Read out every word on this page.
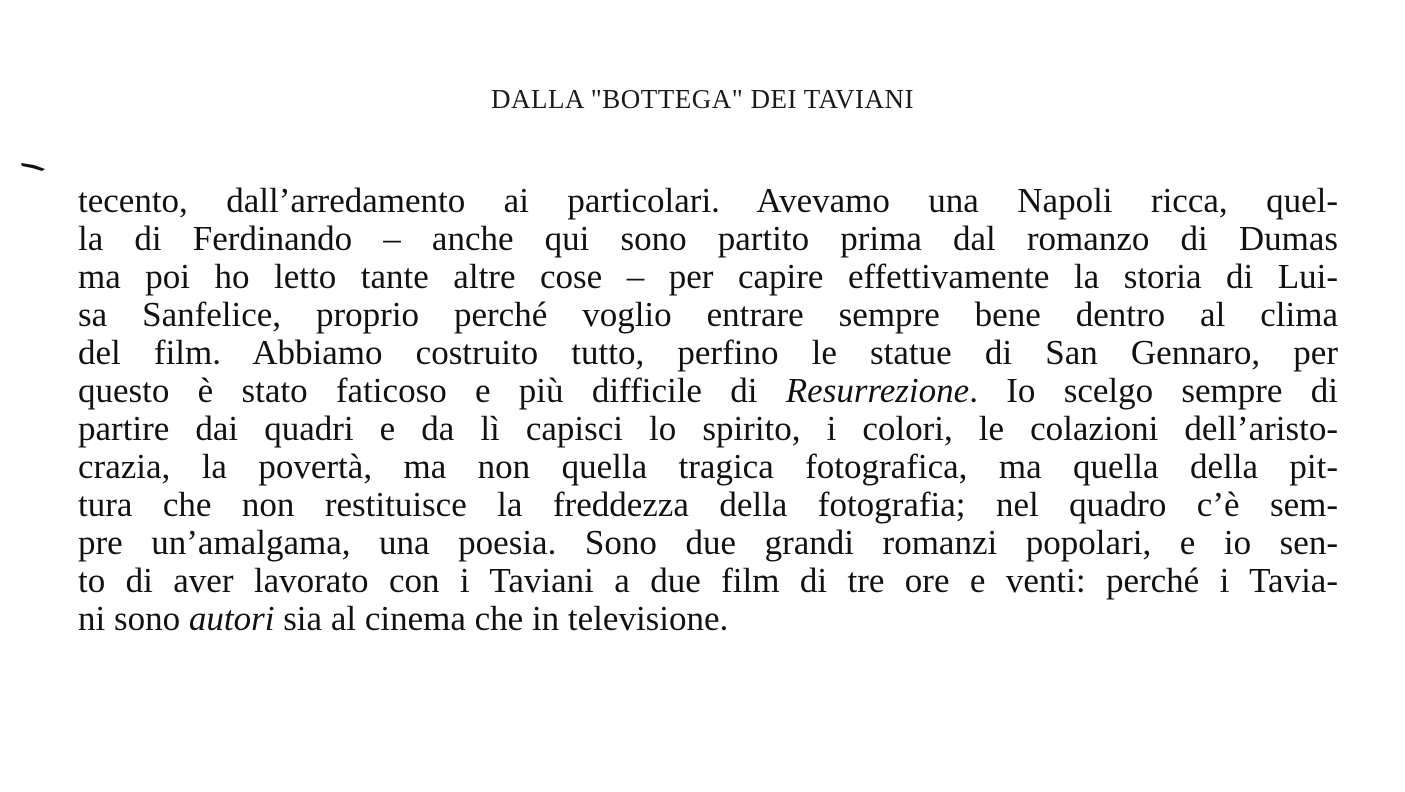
DALLA "BOTTEGA" DEI TAVIANI
tecento, dall’arredamento ai particolari. Avevamo una Napoli ricca, quel-
la di Ferdinando – anche qui sono partito prima dal romanzo di Dumas
ma poi ho letto tante altre cose – per capire effettivamente la storia di Lui-
sa Sanfelice, proprio perché voglio entrare sempre bene dentro al clima
del film. Abbiamo costruito tutto, perfino le statue di San Gennaro, per
questo è stato faticoso e più difficile di Resurrezione. Io scelgo sempre di
partire dai quadri e da lì capisci lo spirito, i colori, le colazioni dell’aristo-
crazia, la povertà, ma non quella tragica fotografica, ma quella della pit-
tura che non restituisce la freddezza della fotografia; nel quadro c’è sem-
pre un’amalgama, una poesia. Sono due grandi romanzi popolari, e io sen-
to di aver lavorato con i Taviani a due film di tre ore e venti: perché i Tavia-
ni sono autori sia al cinema che in televisione.
